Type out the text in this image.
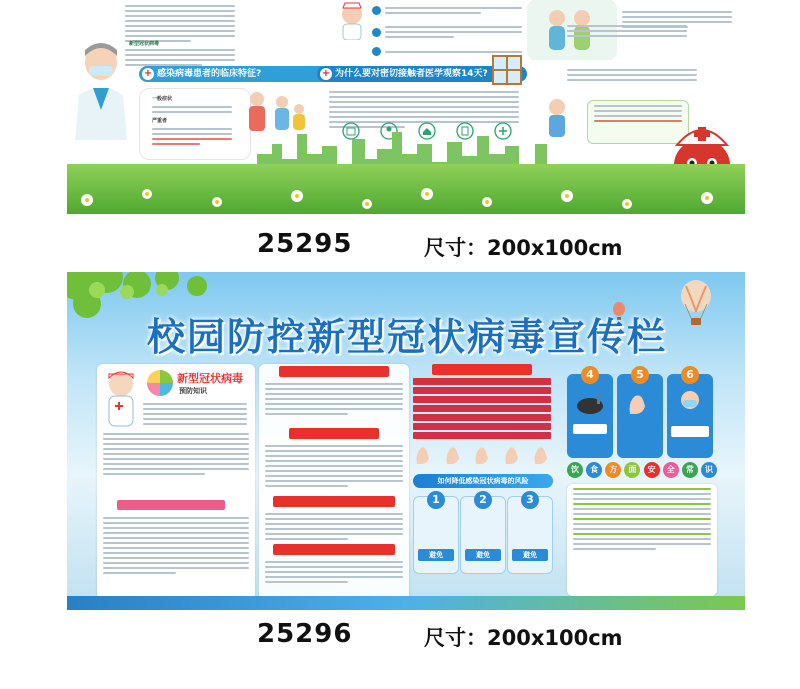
新型冠状病毒
+ 感染病毒患者的临床特征?	+ 为什么要对密切接触者医学观察14天?
一般症状
严重者
25295	尺寸：200x100cm
校园防控新型冠状病毒宣传栏
新型冠状病毒
预防知识
如何降低感染冠状病毒的风险
1
避免
2
避免
3
避免
4	5	6
饮	食	方	面	安	全	常	识
25296	尺寸：200x100cm
